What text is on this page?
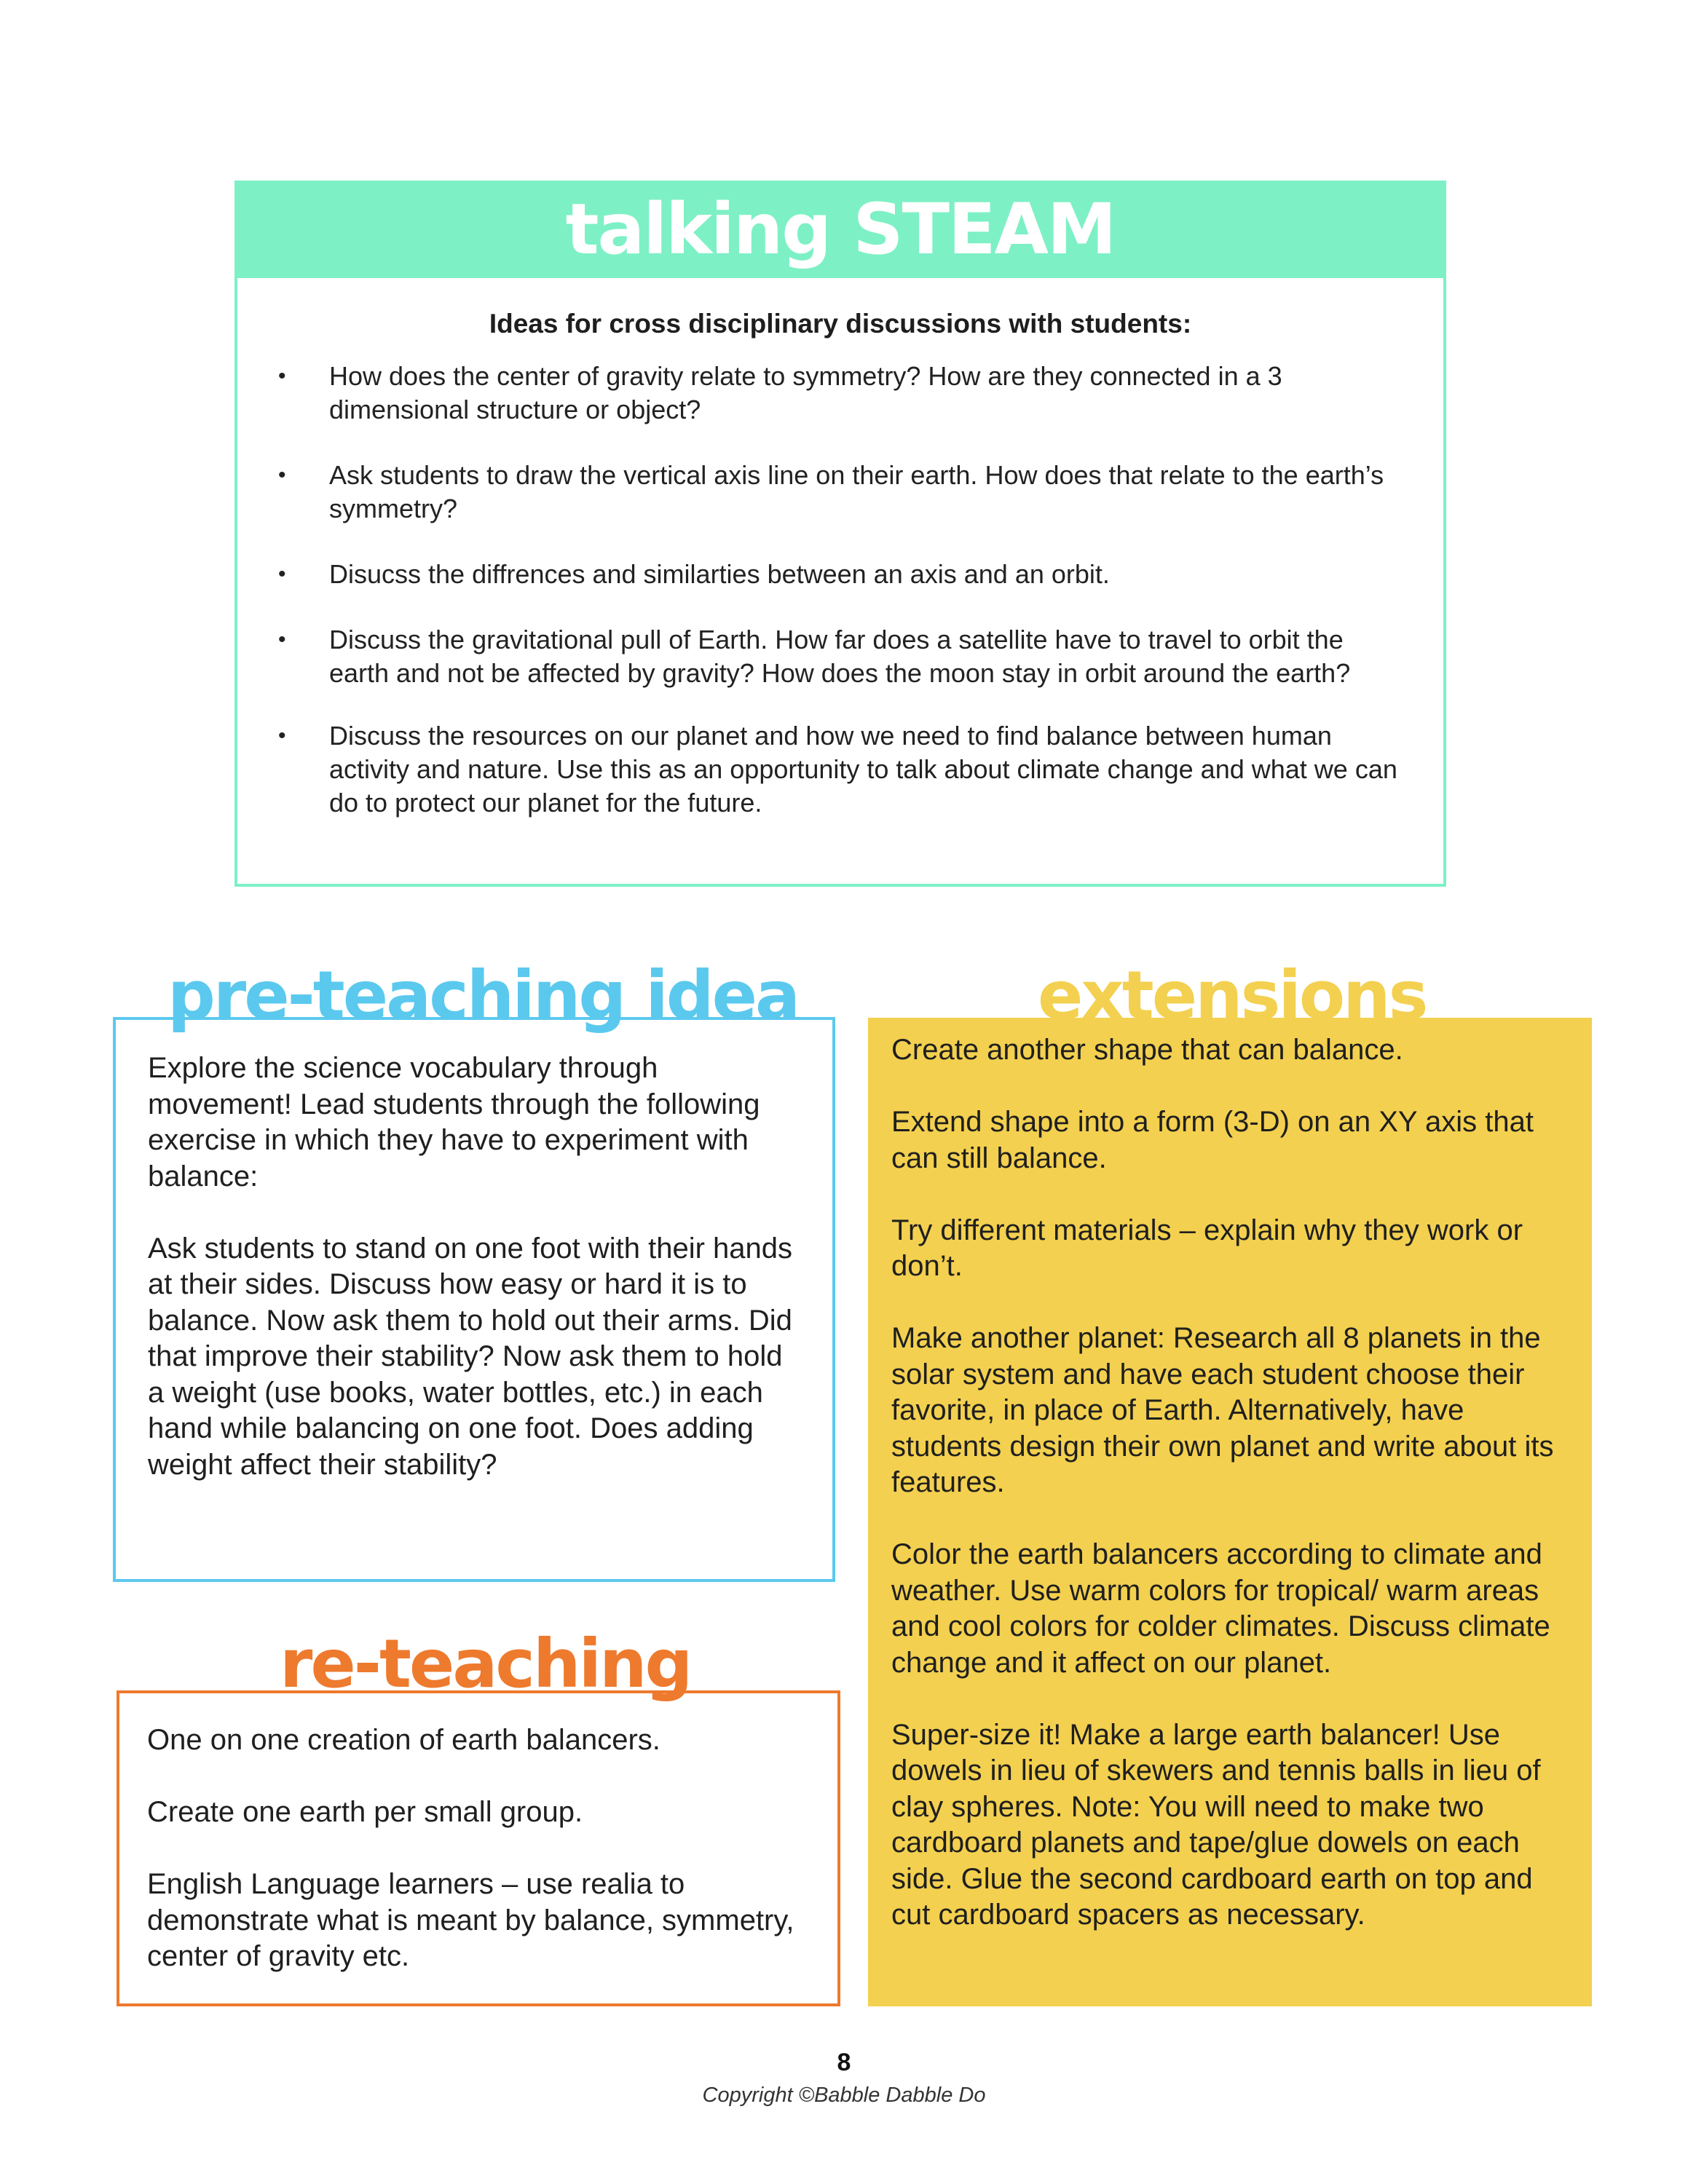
talking STEAM
Ideas for cross disciplinary discussions with students:
• How does the center of gravity relate to symmetry? How are they connected in a 3 dimensional structure or object?
• Ask students to draw the vertical axis line on their earth. How does that relate to the earth’s symmetry?
• Disucss the diffrences and similarties between an axis and an orbit.
• Discuss the gravitational pull of Earth. How far does a satellite have to travel to orbit the earth and not be affected by gravity? How does the moon stay in orbit around the earth?
• Discuss the resources on our planet and how we need to find balance between human activity and nature. Use this as an opportunity to talk about climate change and what we can do to protect our planet for the future.

Explore the science vocabulary through movement! Lead students through the following exercise in which they have to experiment with balance:

Ask students to stand on one foot with their hands at their sides. Discuss how easy or hard it is to balance. Now ask them to hold out their arms. Did that improve their stability? Now ask them to hold a weight (use books, water bottles, etc.) in each hand while balancing on one foot. Does adding weight affect their stability?

pre-teaching idea

Create another shape that can balance.

Extend shape into a form (3-D) on an XY axis that can still balance.

Try different materials – explain why they work or don’t.

Make another planet: Research all 8 planets in the solar system and have each student choose their favorite, in place of Earth. Alternatively, have students design their own planet and write about its features.

Color the earth balancers according to climate and weather. Use warm colors for tropical/ warm areas and cool colors for colder climates. Discuss climate change and it affect on our planet.

Super-size it! Make a large earth balancer! Use dowels in lieu of skewers and tennis balls in lieu of clay spheres. Note: You will need to make two cardboard planets and tape/glue dowels on each side. Glue the second cardboard earth on top and cut cardboard spacers as necessary.

extensions

One on one creation of earth balancers.

Create one earth per small group.

English Language learners – use realia to demonstrate what is meant by balance, symmetry, center of gravity etc.

re-teaching
8
Copyright ©Babble Dabble Do
